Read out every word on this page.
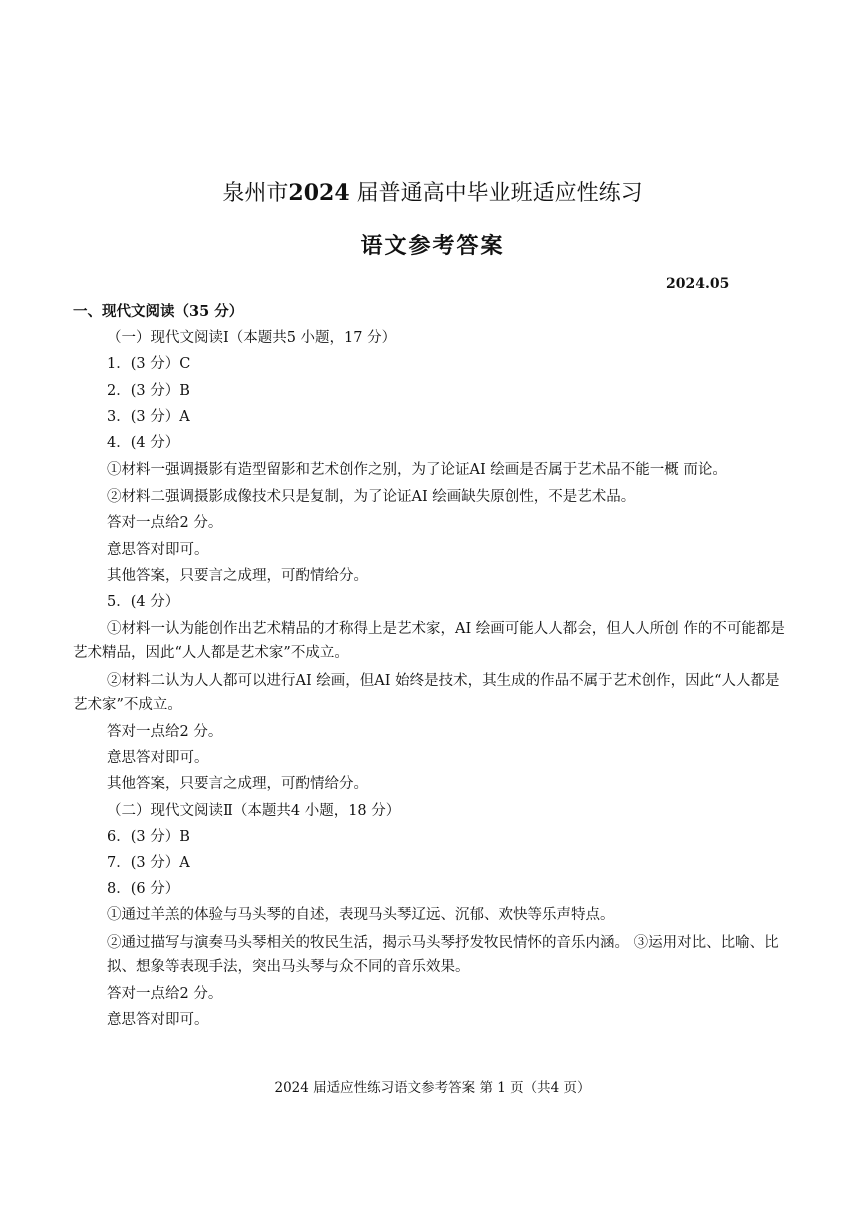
泉州市2024 届普通高中毕业班适应性练习
语文参考答案
2024.05
一、现代文阅读（35 分）
（一）现代文阅读Ⅰ（本题共5 小题，17 分）
1．(3 分）C
2．(3 分）B
3．(3 分）A
4．(4 分）
①材料一强调摄影有造型留影和艺术创作之别，为了论证AI 绘画是否属于艺术品不能一概 而论。
②材料二强调摄影成像技术只是复制，为了论证AI 绘画缺失原创性，不是艺术品。
答对一点给2 分。
意思答对即可。
其他答案，只要言之成理，可酌情给分。
5．(4 分）
①材料一认为能创作出艺术精品的才称得上是艺术家，AI 绘画可能人人都会，但人人所创 作的不可能都是艺术精品，因此“人人都是艺术家”不成立。
②材料二认为人人都可以进行AI 绘画，但AI 始终是技术，其生成的作品不属于艺术创作，因此“人人都是艺术家”不成立。
答对一点给2 分。
意思答对即可。
其他答案，只要言之成理，可酌情给分。
（二）现代文阅读Ⅱ（本题共4 小题，18 分）
6．(3 分）B
7．(3 分）A
8．(6 分）
①通过羊羔的体验与马头琴的自述，表现马头琴辽远、沉郁、欢快等乐声特点。
②通过描写与演奏马头琴相关的牧民生活，揭示马头琴抒发牧民情怀的音乐内涵。 ③运用对比、比喻、比拟、想象等表现手法，突出马头琴与众不同的音乐效果。
答对一点给2 分。
意思答对即可。
2024 届适应性练习语文参考答案 第 1 页（共4 页）
